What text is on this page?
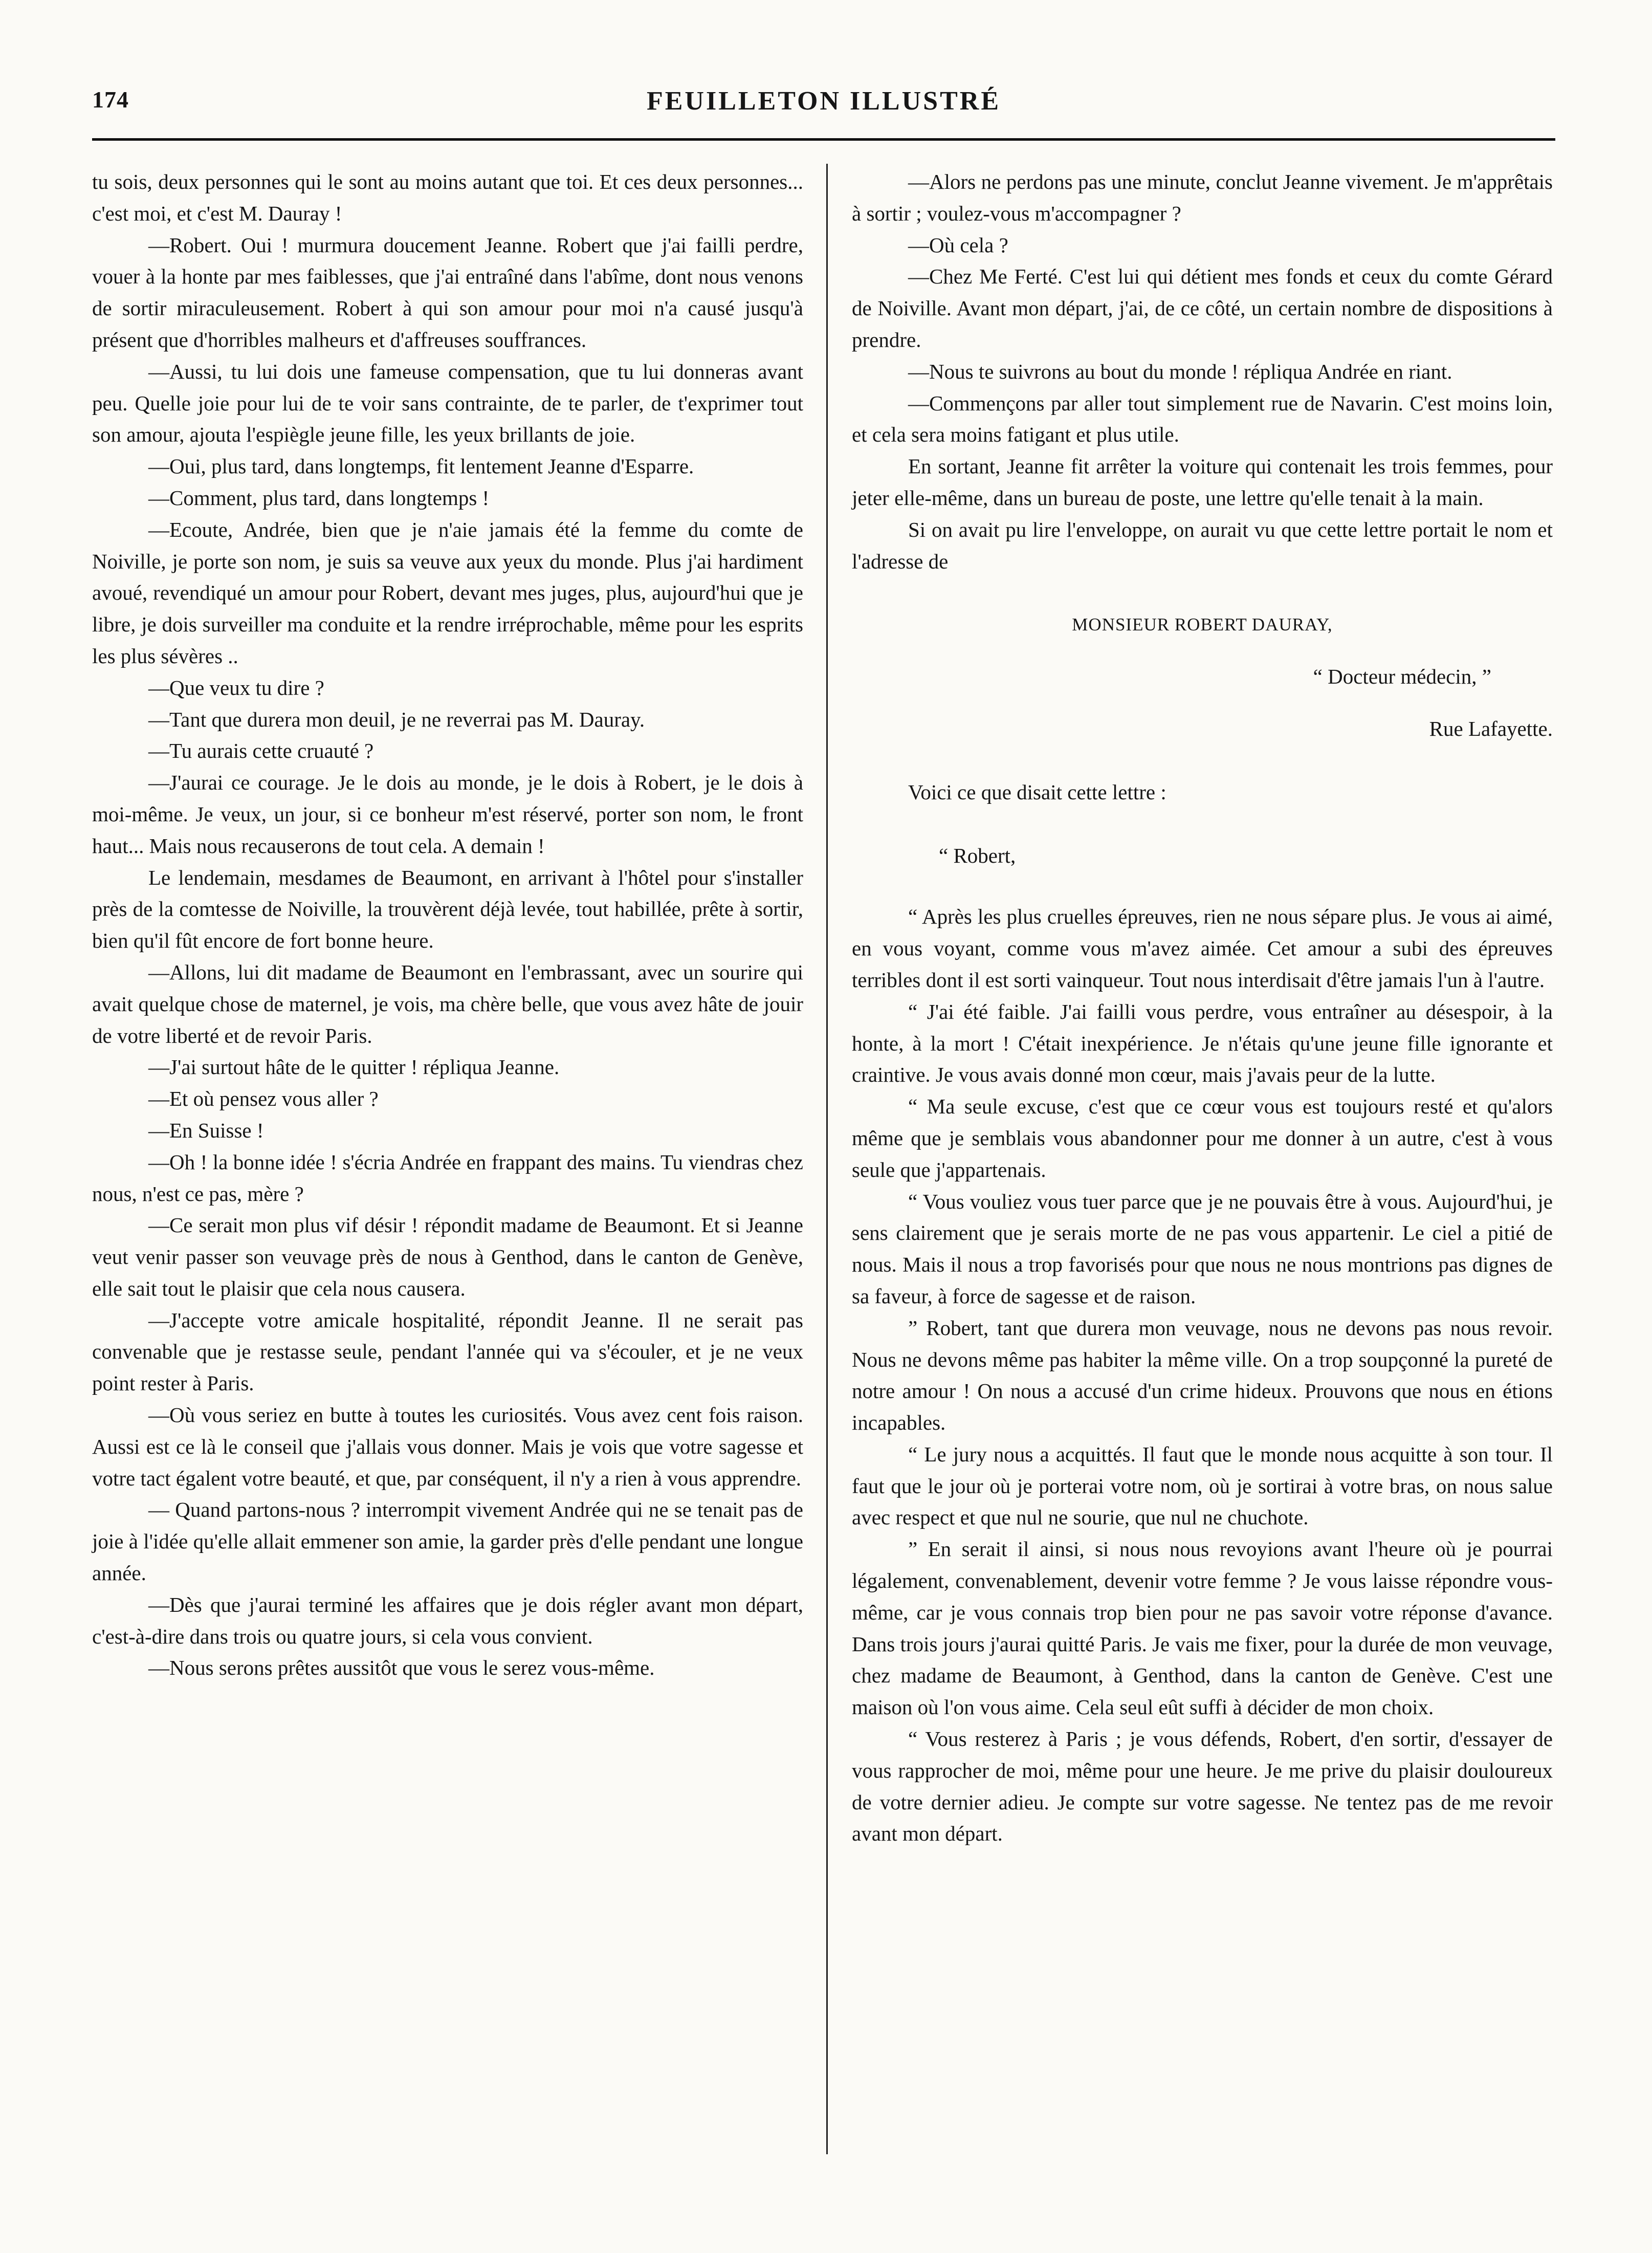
174	FEUILLETON ILLUSTRÉ

tu sois, deux personnes qui le sont au moins autant que toi. Et ces deux personnes... c'est moi, et c'est M. Dauray !

—Robert. Oui ! murmura doucement Jeanne. Robert que j'ai failli perdre, vouer à la honte par mes faiblesses, que j'ai entraîné dans l'abîme, dont nous venons de sortir miraculeusement. Robert à qui son amour pour moi n'a causé jusqu'à présent que d'horribles malheurs et d'affreuses souffrances.

—Aussi, tu lui dois une fameuse compensation, que tu lui donneras avant peu. Quelle joie pour lui de te voir sans contrainte, de te parler, de t'exprimer tout son amour, ajouta l'espiègle jeune fille, les yeux brillants de joie.

—Oui, plus tard, dans longtemps, fit lentement Jeanne d'Esparre.

—Comment, plus tard, dans longtemps !

—Ecoute, Andrée, bien que je n'aie jamais été la femme du comte de Noiville, je porte son nom, je suis sa veuve aux yeux du monde. Plus j'ai hardiment avoué, revendiqué un amour pour Robert, devant mes juges, plus, aujourd'hui que je libre, je dois surveiller ma conduite et la rendre irréprochable, même pour les esprits les plus sévères ..

—Que veux tu dire ?

—Tant que durera mon deuil, je ne reverrai pas M. Dauray.

—Tu aurais cette cruauté ?

—J'aurai ce courage. Je le dois au monde, je le dois à Robert, je le dois à moi-même. Je veux, un jour, si ce bonheur m'est réservé, porter son nom, le front haut... Mais nous recauserons de tout cela. A demain !

Le lendemain, mesdames de Beaumont, en arrivant à l'hôtel pour s'installer près de la comtesse de Noiville, la trouvèrent déjà levée, tout habillée, prête à sortir, bien qu'il fût encore de fort bonne heure.

—Allons, lui dit madame de Beaumont en l'embrassant, avec un sourire qui avait quelque chose de maternel, je vois, ma chère belle, que vous avez hâte de jouir de votre liberté et de revoir Paris.

—J'ai surtout hâte de le quitter ! répliqua Jeanne.

—Et où pensez vous aller ?

—En Suisse !

—Oh ! la bonne idée ! s'écria Andrée en frappant des mains. Tu viendras chez nous, n'est ce pas, mère ?

—Ce serait mon plus vif désir ! répondit madame de Beaumont. Et si Jeanne veut venir passer son veuvage près de nous à Genthod, dans le canton de Genève, elle sait tout le plaisir que cela nous causera.

—J'accepte votre amicale hospitalité, répondit Jeanne. Il ne serait pas convenable que je restasse seule, pendant l'année qui va s'écouler, et je ne veux point rester à Paris.

—Où vous seriez en butte à toutes les curiosités. Vous avez cent fois raison. Aussi est ce là le conseil que j'allais vous donner. Mais je vois que votre sagesse et votre tact égalent votre beauté, et que, par conséquent, il n'y a rien à vous apprendre.

— Quand partons-nous ? interrompit vivement Andrée qui ne se tenait pas de joie à l'idée qu'elle allait emmener son amie, la garder près d'elle pendant une longue année.

—Dès que j'aurai terminé les affaires que je dois régler avant mon départ, c'est-à-dire dans trois ou quatre jours, si cela vous convient.

—Nous serons prêtes aussitôt que vous le serez vous-même.

—Alors ne perdons pas une minute, conclut Jeanne vivement. Je m'apprêtais à sortir ; voulez-vous m'accompagner ?

—Où cela ?

—Chez Me Ferté. C'est lui qui détient mes fonds et ceux du comte Gérard de Noiville. Avant mon départ, j'ai, de ce côté, un certain nombre de dispositions à prendre.

—Nous te suivrons au bout du monde ! répliqua Andrée en riant.

—Commençons par aller tout simplement rue de Navarin. C'est moins loin, et cela sera moins fatigant et plus utile.

En sortant, Jeanne fit arrêter la voiture qui contenait les trois femmes, pour jeter elle-même, dans un bureau de poste, une lettre qu'elle tenait à la main.

Si on avait pu lire l'enveloppe, on aurait vu que cette lettre portait le nom et l'adresse de

MONSIEUR ROBERT DAURAY,

“ Docteur médecin, ”

Rue Lafayette.

Voici ce que disait cette lettre :

“ Robert,

“ Après les plus cruelles épreuves, rien ne nous sépare plus. Je vous ai aimé, en vous voyant, comme vous m'avez aimée. Cet amour a subi des épreuves terribles dont il est sorti vainqueur. Tout nous interdisait d'être jamais l'un à l'autre.

“ J'ai été faible. J'ai failli vous perdre, vous entraîner au désespoir, à la honte, à la mort ! C'était inexpérience. Je n'étais qu'une jeune fille ignorante et craintive. Je vous avais donné mon cœur, mais j'avais peur de la lutte.

“ Ma seule excuse, c'est que ce cœur vous est toujours resté et qu'alors même que je semblais vous abandonner pour me donner à un autre, c'est à vous seule que j'appartenais.

“ Vous vouliez vous tuer parce que je ne pouvais être à vous. Aujourd'hui, je sens clairement que je serais morte de ne pas vous appartenir. Le ciel a pitié de nous. Mais il nous a trop favorisés pour que nous ne nous montrions pas dignes de sa faveur, à force de sagesse et de raison.

” Robert, tant que durera mon veuvage, nous ne devons pas nous revoir. Nous ne devons même pas habiter la même ville. On a trop soupçonné la pureté de notre amour ! On nous a accusé d'un crime hideux. Prouvons que nous en étions incapables.

“ Le jury nous a acquittés. Il faut que le monde nous acquitte à son tour. Il faut que le jour où je porterai votre nom, où je sortirai à votre bras, on nous salue avec respect et que nul ne sourie, que nul ne chuchote.

” En serait il ainsi, si nous nous revoyions avant l'heure où je pourrai légalement, convenablement, devenir votre femme ? Je vous laisse répondre vous-même, car je vous connais trop bien pour ne pas savoir votre réponse d'avance. Dans trois jours j'aurai quitté Paris. Je vais me fixer, pour la durée de mon veuvage, chez madame de Beaumont, à Genthod, dans la canton de Genève. C'est une maison où l'on vous aime. Cela seul eût suffi à décider de mon choix.

“ Vous resterez à Paris ; je vous défends, Robert, d'en sortir, d'essayer de vous rapprocher de moi, même pour une heure. Je me prive du plaisir douloureux de votre dernier adieu. Je compte sur votre sagesse. Ne tentez pas de me revoir avant mon départ.
